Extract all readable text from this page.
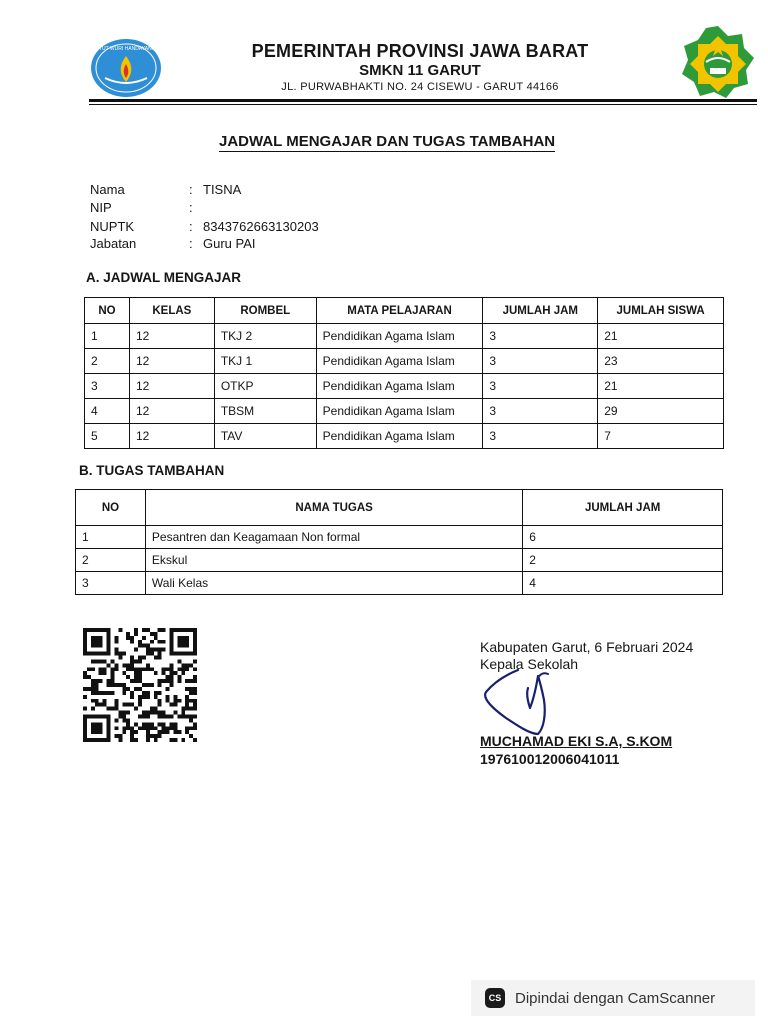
TUT WURI HANDAYANI	PEMERINTAH PROVINSI JAWA BARAT
SMKN 11 GARUT
JL. PURWABHAKTI NO. 24 CISEWU - GARUT 44166
JADWAL MENGAJAR DAN TUGAS TAMBAHAN
Nama	: TISNA
NIP	:
NUPTK	: 8343762663130203
Jabatan	: Guru PAI
A. JADWAL MENGAJAR
NO	KELAS	ROMBEL	MATA PELAJARAN	JUMLAH JAM	JUMLAH SISWA
1	12	TKJ 2	Pendidikan Agama Islam	3	21
2	12	TKJ 1	Pendidikan Agama Islam	3	23
3	12	OTKP	Pendidikan Agama Islam	3	21
4	12	TBSM	Pendidikan Agama Islam	3	29
5	12	TAV	Pendidikan Agama Islam	3	7
B. TUGAS TAMBAHAN
NO	NAMA TUGAS	JUMLAH JAM
1	Pesantren dan Keagamaan Non formal	6
2	Ekskul	2
3	Wali Kelas	4
Kabupaten Garut, 6 Februari 2024
Kepala Sekolah
MUCHAMAD EKI S.A, S.KOM
197610012006041011
CS Dipindai dengan CamScanner
